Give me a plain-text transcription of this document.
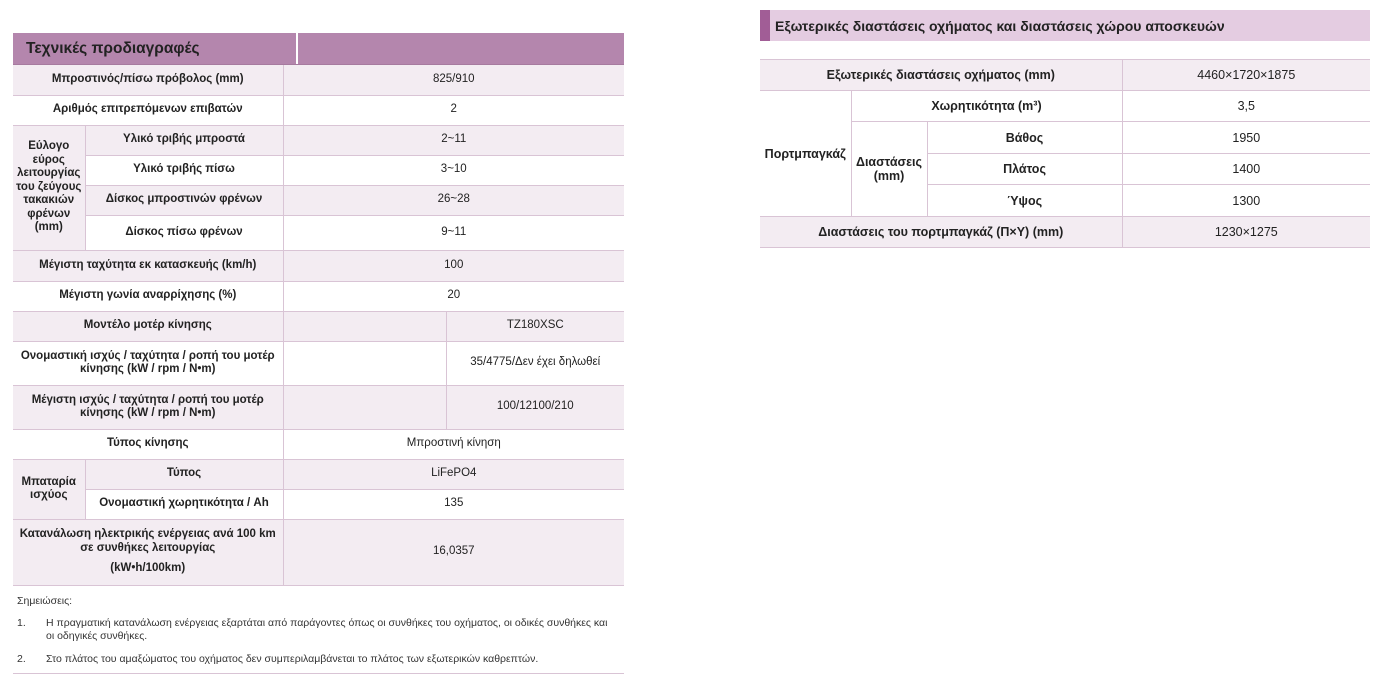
Τεχνικές προδιαγραφές
Μπροστινός/πίσω πρόβολος (mm)		825/910	
Αριθμός επιτρεπόμενων επιβατών		2	
Εύλογο εύρος λειτουργίας του ζεύγους τακακιών φρένων (mm)	Υλικό τριβής μπροστά	2~11	
	Υλικό τριβής πίσω	3~10	
	Δίσκος μπροστινών φρένων	26~28	
	Δίσκος πίσω φρένων	9~11	
Μέγιστη ταχύτητα εκ κατασκευής (km/h)		100	
Μέγιστη γωνία αναρρίχησης (%)		20	
Μοντέλο μοτέρ κίνησης			TZ180XSC
Ονομαστική ισχύς / ταχύτητα / ροπή του μοτέρ κίνησης (kW / rpm / N•m)			35/4775/Δεν έχει δηλωθεί
Μέγιστη ισχύς / ταχύτητα / ροπή του μοτέρ κίνησης (kW / rpm / N•m)			100/12100/210
Τύπος κίνησης		Μπροστινή κίνηση	
Μπαταρία ισχύος	Τύπος	LiFePO4	
	Ονομαστική χωρητικότητα / Ah	135	

Κατανάλωση ηλεκτρικής ενέργειας ανά 100 km σε συνθήκες λειτουργίας
(kW•h/100km)		16,0357	
Σημειώσεις:
1.	Η πραγματική κατανάλωση ενέργειας εξαρτάται από παράγοντες όπως οι συνθήκες του οχήματος, οι οδικές συνθήκες και οι οδηγικές συνθήκες.
2.	Στο πλάτος του αμαξώματος του οχήματος δεν συμπεριλαμβάνεται το πλάτος των εξωτερικών καθρεπτών.
Εξωτερικές διαστάσεις οχήματος και διαστάσεις χώρου αποσκευών
Εξωτερικές διαστάσεις οχήματος (mm)			4460×1720×1875
Πορτμπαγκάζ	Χωρητικότητα (m³)		3,5
	Διαστάσεις (mm)	Βάθος	1950
		Πλάτος	1400
		Ύψος	1300
Διαστάσεις του πορτμπαγκάζ (Π×Υ) (mm)			1230×1275
